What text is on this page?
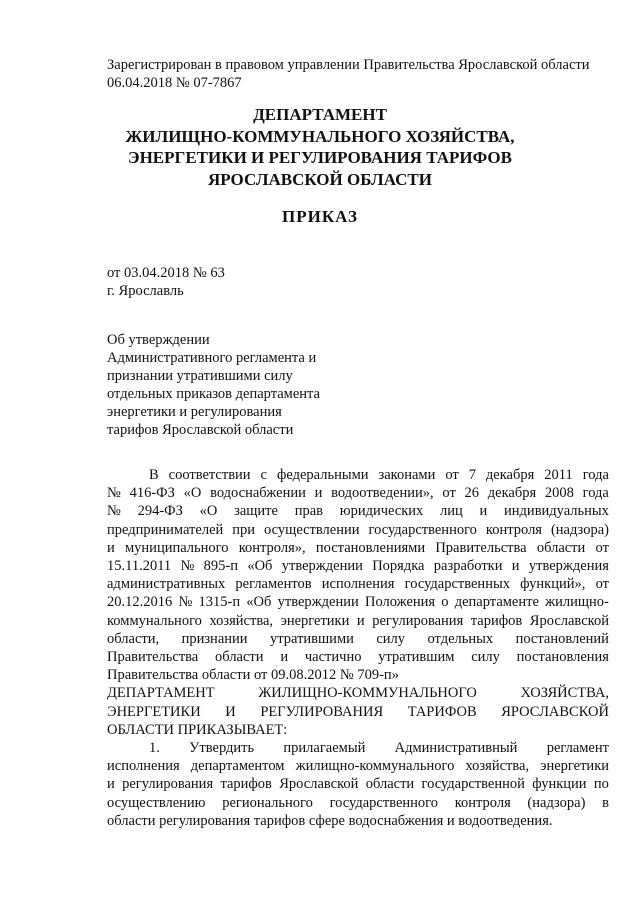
Зарегистрирован в правовом управлении Правительства Ярославской области
06.04.2018 № 07-7867
ДЕПАРТАМЕНТ
ЖИЛИЩНО-КОММУНАЛЬНОГО ХОЗЯЙСТВА,
ЭНЕРГЕТИКИ И РЕГУЛИРОВАНИЯ ТАРИФОВ
ЯРОСЛАВСКОЙ ОБЛАСТИ
ПРИКАЗ
от 03.04.2018 № 63
г. Ярославль
Об утверждении
Административного регламента и
признании утратившими силу
отдельных приказов департамента
энергетики и регулирования
тарифов Ярославской области
В соответствии с федеральными законами от 7 декабря 2011 года
№ 416-ФЗ «О водоснабжении и водоотведении», от 26 декабря 2008 года
№ 294-ФЗ «О защите прав юридических лиц и индивидуальных
предпринимателей при осуществлении государственного контроля (надзора)
и муниципального контроля», постановлениями Правительства области от
15.11.2011 № 895-п «Об утверждении Порядка разработки и утверждения
административных регламентов исполнения государственных функций», от
20.12.2016 № 1315-п «Об утверждении Положения о департаменте жилищно-
коммунального хозяйства, энергетики и регулирования тарифов Ярославской
области, признании утратившими силу отдельных постановлений
Правительства области и частично утратившим силу постановления
Правительства области от 09.08.2012 № 709-п»
ДЕПАРТАМЕНТ	ЖИЛИЩНО-КОММУНАЛЬНОГО	ХОЗЯЙСТВА,
ЭНЕРГЕТИКИ И РЕГУЛИРОВАНИЯ ТАРИФОВ ЯРОСЛАВСКОЙ
ОБЛАСТИ ПРИКАЗЫВАЕТ:
1. Утвердить прилагаемый Административный регламент
исполнения департаментом жилищно-коммунального хозяйства, энергетики
и регулирования тарифов Ярославской области государственной функции по
осуществлению регионального государственного контроля (надзора) в
области регулирования тарифов сфере водоснабжения и водоотведения.
